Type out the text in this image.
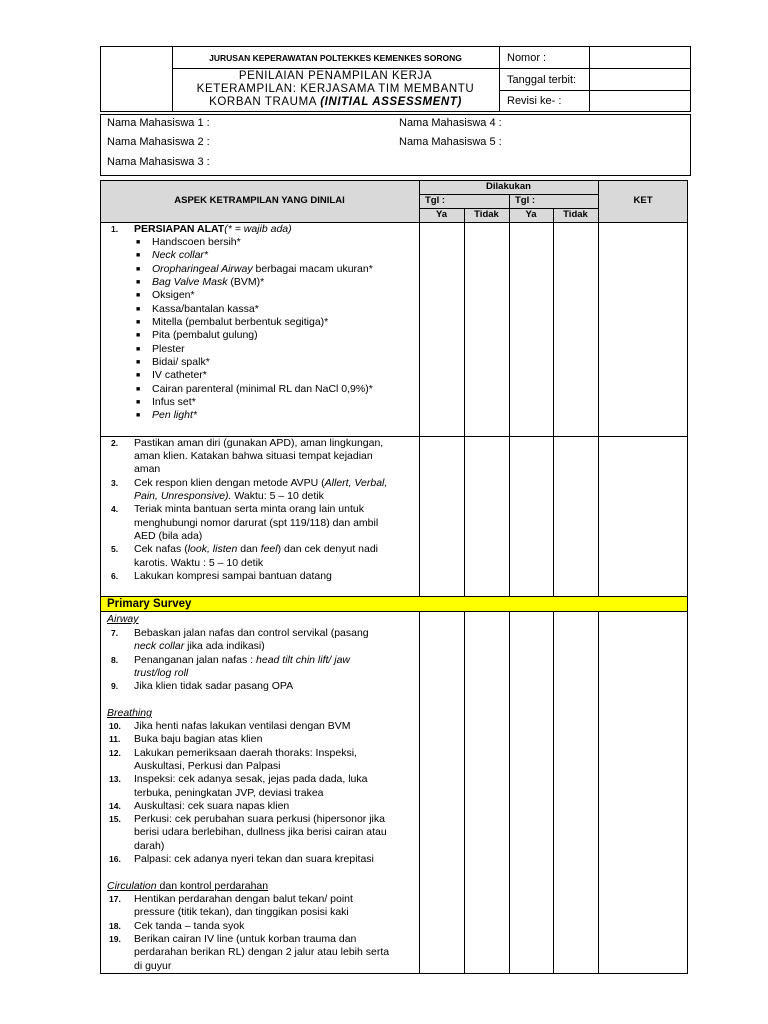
JURUSAN KEPERAWATAN POLTEKKES KEMENKES SORONG
PENILAIAN PENAMPILAN KERJA
KETERAMPILAN: KERJASAMA TIM MEMBANTU
KORBAN TRAUMA (INITIAL ASSESSMENT)
Nomor :
Tanggal terbit:
Revisi ke- :
Nama Mahasiswa 1 :
Nama Mahasiswa 2 :
Nama Mahasiswa 3 :
Nama Mahasiswa 4 :
Nama Mahasiswa 5 :
ASPEK KETRAMPILAN YANG DINILAI
Dilakukan
Tgl :	Tgl :
Ya	Tidak	Ya	Tidak
KET
1. PERSIAPAN ALAT(* = wajib ada)
■ Handscoen bersih*
■ Neck collar*
■ Oropharingeal Airway berbagai macam ukuran*
■ Bag Valve Mask (BVM)*
■ Oksigen*
■ Kassa/bantalan kassa*
■ Mitella (pembalut berbentuk segitiga)*
■ Pita (pembalut gulung)
■ Plester
■ Bidai/ spalk*
■ IV catheter*
■ Cairan parenteral (minimal RL dan NaCl 0,9%)*
■ Infus set*
■ Pen light*
2. Pastikan aman diri (gunakan APD), aman lingkungan,
aman klien. Katakan bahwa situasi tempat kejadian
aman
3. Cek respon klien dengan metode AVPU (Allert, Verbal,
Pain, Unresponsive). Waktu: 5 – 10 detik
4. Teriak minta bantuan serta minta orang lain untuk
menghubungi nomor darurat (spt 119/118) dan ambil
AED (bila ada)
5. Cek nafas (look, listen dan feel) dan cek denyut nadi
karotis. Waktu : 5 – 10 detik
6. Lakukan kompresi sampai bantuan datang
Primary Survey
Airway
7. Bebaskan jalan nafas dan control servikal (pasang
neck collar jika ada indikasi)
8. Penanganan jalan nafas : head tilt chin lift/ jaw
trust/log roll
9. Jika klien tidak sadar pasang OPA
Breathing
10. Jika henti nafas lakukan ventilasi dengan BVM
11. Buka baju bagian atas klien
12. Lakukan pemeriksaan daerah thoraks: Inspeksi,
Auskultasi, Perkusi dan Palpasi
13. Inspeksi: cek adanya sesak, jejas pada dada, luka
terbuka, peningkatan JVP, deviasi trakea
14. Auskultasi: cek suara napas klien
15. Perkusi: cek perubahan suara perkusi (hipersonor jika
berisi udara berlebihan, dullness jika berisi cairan atau
darah)
16. Palpasi: cek adanya nyeri tekan dan suara krepitasi
Circulation dan kontrol perdarahan
17. Hentikan perdarahan dengan balut tekan/ point
pressure (titik tekan), dan tinggikan posisi kaki
18. Cek tanda – tanda syok
19. Berikan cairan IV line (untuk korban trauma dan
perdarahan berikan RL) dengan 2 jalur atau lebih serta
di guyur
